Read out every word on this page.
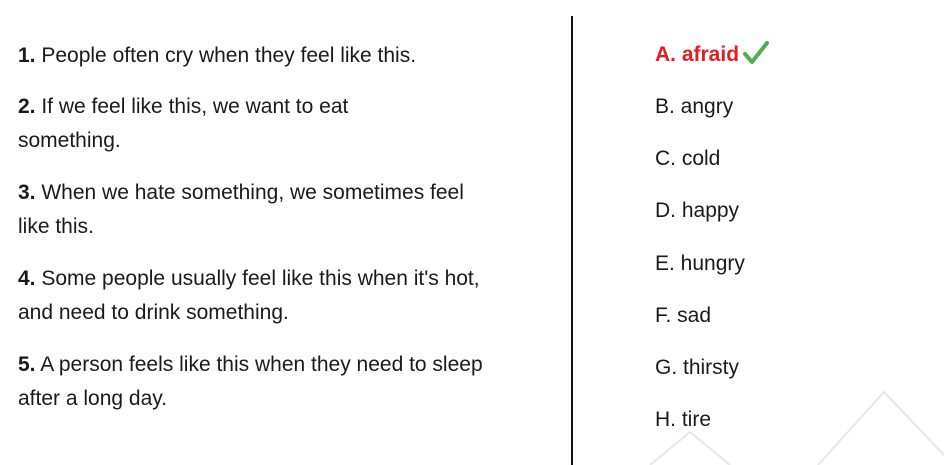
1. People often cry when they feel like this.
2. If we feel like this, we want to eat something.
3. When we hate something, we sometimes feel like this.
4. Some people usually feel like this when it's hot, and need to drink something.
5. A person feels like this when they need to sleep after a long day.
A. afraid
B. angry
C. cold
D. happy
E. hungry
F. sad
G. thirsty
H. tire
